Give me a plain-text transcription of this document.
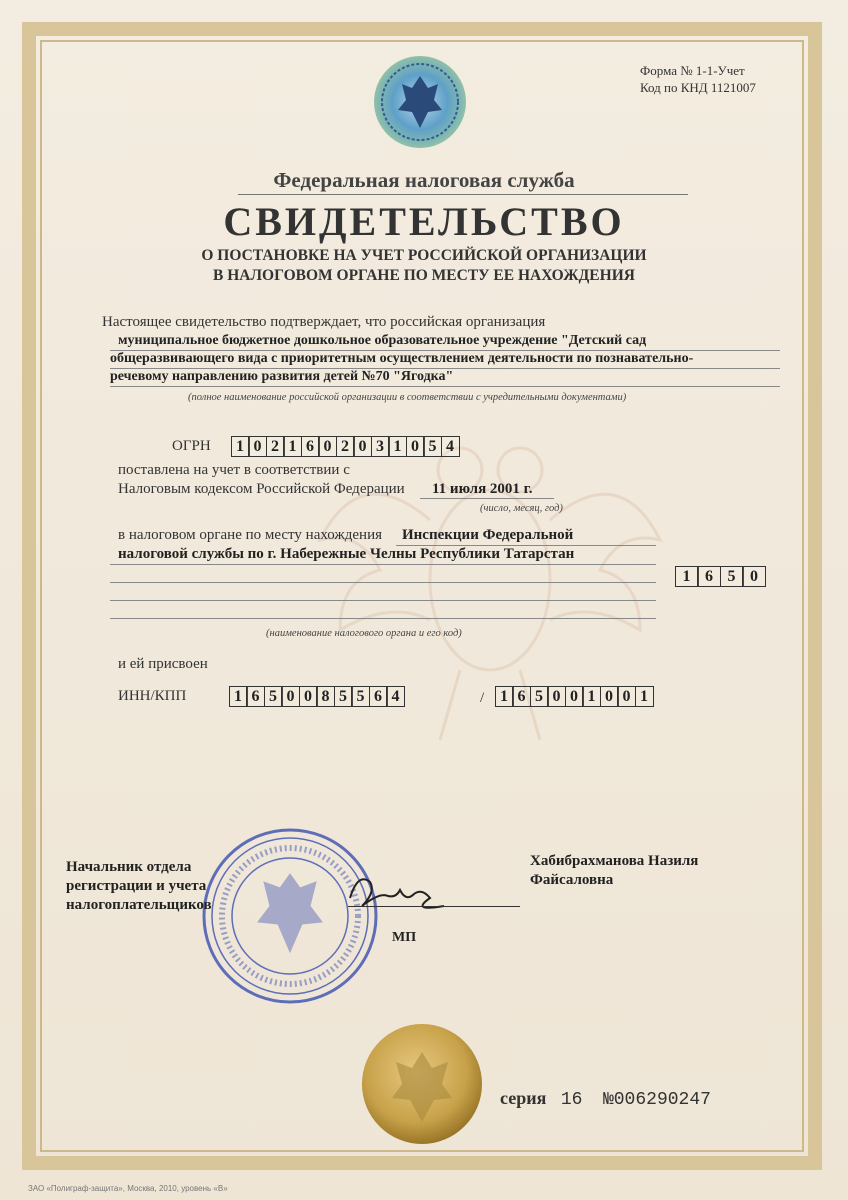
Форма № 1-1-Учет
Код по КНД 1121007
Федеральная налоговая служба
СВИДЕТЕЛЬСТВО
О ПОСТАНОВКЕ НА УЧЕТ РОССИЙСКОЙ ОРГАНИЗАЦИИ
В НАЛОГОВОМ ОРГАНЕ ПО МЕСТУ ЕЕ НАХОЖДЕНИЯ
Настоящее свидетельство подтверждает, что российская организация
муниципальное бюджетное дошкольное образовательное учреждение "Детский сад
общеразвивающего вида с приоритетным осуществлением деятельности по познавательно-
речевому направлению развития детей №70 "Ягодка"
(полное наименование российской организации в соответствии с учредительными документами)
ОГРН	1 0 2 1 6 0 2 0 3 1 0 5 4
поставлена на учет в соответствии с
Налоговым кодексом Российской Федерации 11 июля 2001 г.
(число, месяц, год)
в налоговом органе по месту нахождения Инспекции Федеральной
налоговой службы по г. Набережные Челны Республики Татарстан
1 6 5 0
(наименование налогового органа и его код)
и ей присвоен
ИНН/КПП	1 6 5 0 0 8 5 5 6 4	/ 1 6 5 0 0 1 0 0 1
Начальник отдела
регистрации и учета
налогоплательщиков
МП
Хабибрахманова Назиля
Файсаловна
серия 16 №006290247
ЗАО «Полиграф-защита», Москва, 2010, уровень «В»
